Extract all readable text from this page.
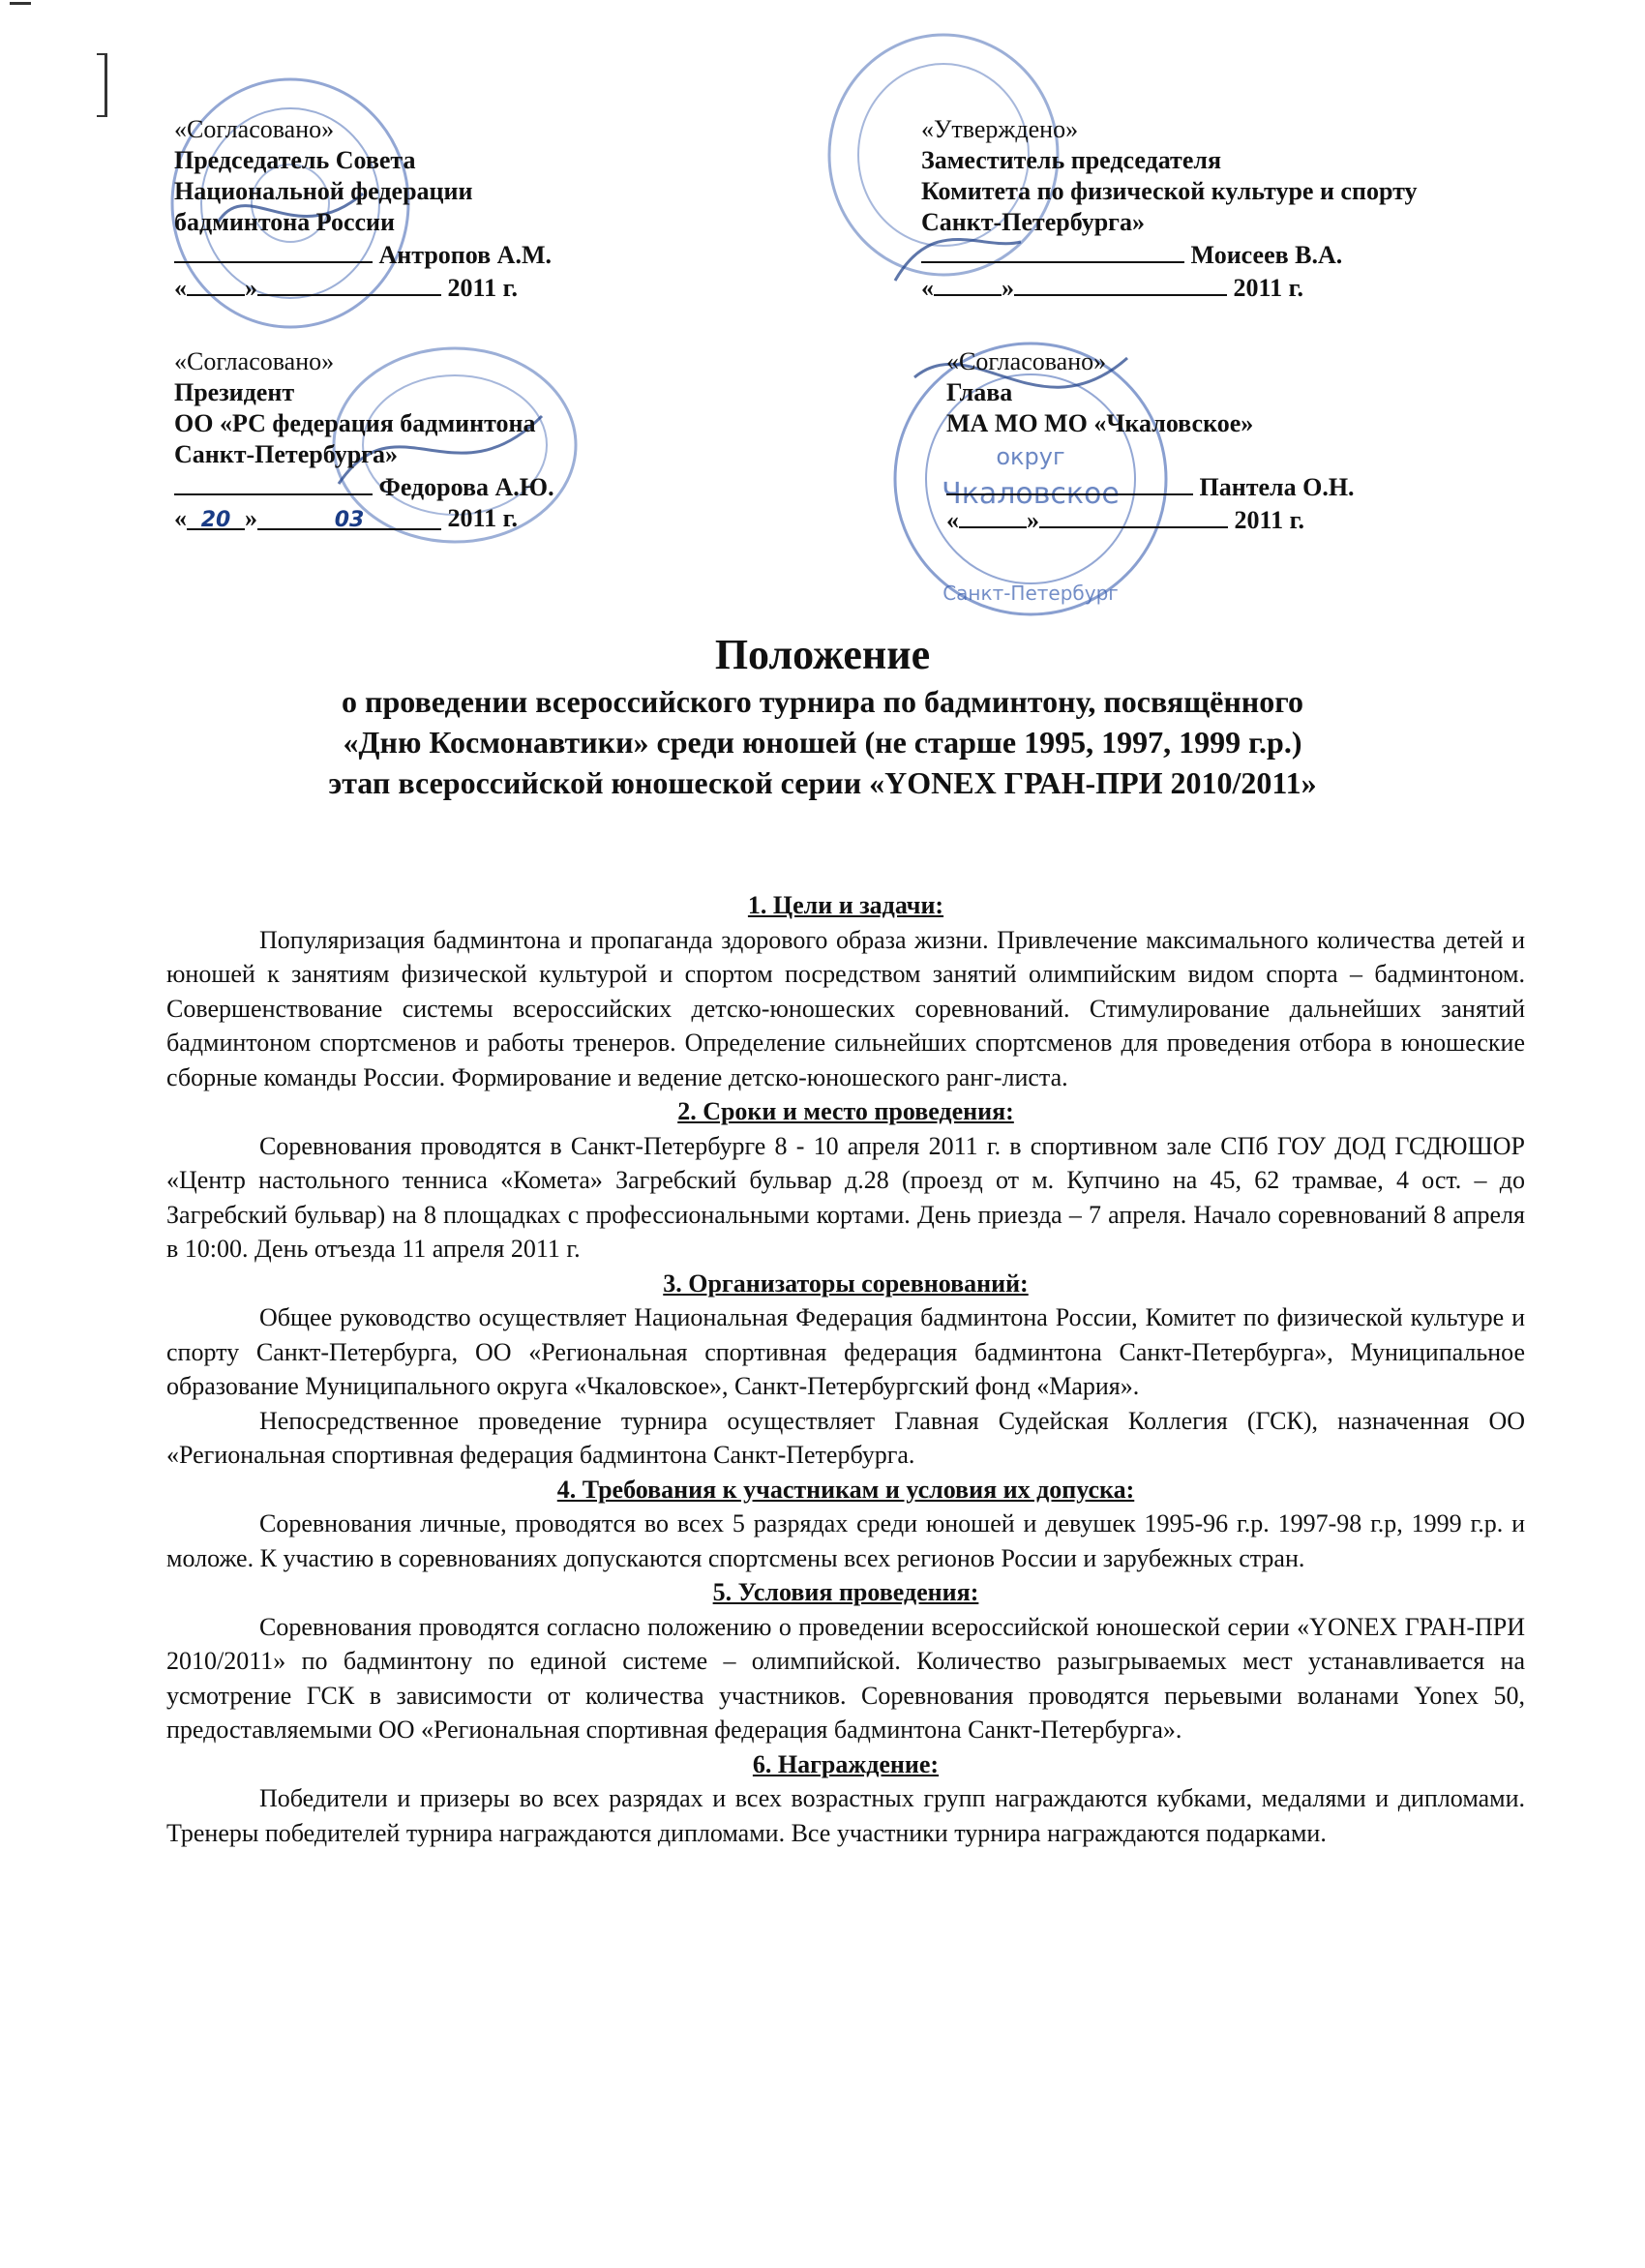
Чкаловское
округ
Санкт-Петербург
«Согласовано»
Председатель Совета
Национальной федерации
бадминтона России
Антропов А.М.
« »	2011 г.
«Утверждено»
Заместитель председателя
Комитета по физической культуре и спорту
Санкт-Петербурга»
Моисеев В.А.
«	»	2011 г.
«Согласовано»
Президент
ОО «РС федерация бадминтона
Санкт-Петербурга»
Федорова А.Ю.
« 20 »	03	2011 г.
«Согласовано»
Глава
МА МО МО «Чкаловское»
Пантела О.Н.
«	»	2011 г.
Положение
о проведении всероссийского турнира по бадминтону, посвящённого
«Дню Космонавтики» среди юношей (не старше 1995, 1997, 1999 г.р.)
этап всероссийской юношеской серии «YONEX ГРАН-ПРИ 2010/2011»
1. Цели и задачи:

Популяризация бадминтона и пропаганда здорового образа жизни. Привлечение максимального количества детей и юношей к занятиям физической культурой и спортом посредством занятий олимпийским видом спорта – бадминтоном. Совершенствование системы всероссийских детско-юношеских соревнований. Стимулирование дальнейших занятий бадминтоном спортсменов и работы тренеров. Определение сильнейших спортсменов для проведения отбора в юношеские сборные команды России. Формирование и ведение детско-юношеского ранг-листа.

2. Сроки и место проведения:

Соревнования проводятся в Санкт-Петербурге 8 - 10 апреля 2011 г. в спортивном зале СПб ГОУ ДОД ГСДЮШОР «Центр настольного тенниса «Комета» Загребский бульвар д.28 (проезд от м. Купчино на 45, 62 трамвае, 4 ост. – до Загребский бульвар) на 8 площадках с профессиональными кортами. День приезда – 7 апреля. Начало соревнований 8 апреля в 10:00. День отъезда 11 апреля 2011 г.

3. Организаторы соревнований:

Общее руководство осуществляет Национальная Федерация бадминтона России, Комитет по физической культуре и спорту Санкт-Петербурга, ОО «Региональная спортивная федерация бадминтона Санкт-Петербурга», Муниципальное образование Муниципального округа «Чкаловское», Санкт-Петербургский фонд «Мария».

Непосредственное проведение турнира осуществляет Главная Судейская Коллегия (ГСК), назначенная ОО «Региональная спортивная федерация бадминтона Санкт-Петербурга.

4. Требования к участникам и условия их допуска:

Соревнования личные, проводятся во всех 5 разрядах среди юношей и девушек 1995-96 г.р. 1997-98 г.р, 1999 г.р. и моложе. К участию в соревнованиях допускаются спортсмены всех регионов России и зарубежных стран.

5. Условия проведения:

Соревнования проводятся согласно положению о проведении всероссийской юношеской серии «YONEX ГРАН-ПРИ 2010/2011» по бадминтону по единой системе – олимпийской. Количество разыгрываемых мест устанавливается на усмотрение ГСК в зависимости от количества участников. Соревнования проводятся перьевыми воланами Yonex 50, предоставляемыми ОО «Региональная спортивная федерация бадминтона Санкт-Петербурга».

6. Награждение:

Победители и призеры во всех разрядах и всех возрастных групп награждаются кубками, медалями и дипломами. Тренеры победителей турнира награждаются дипломами. Все участники турнира награждаются подарками.
